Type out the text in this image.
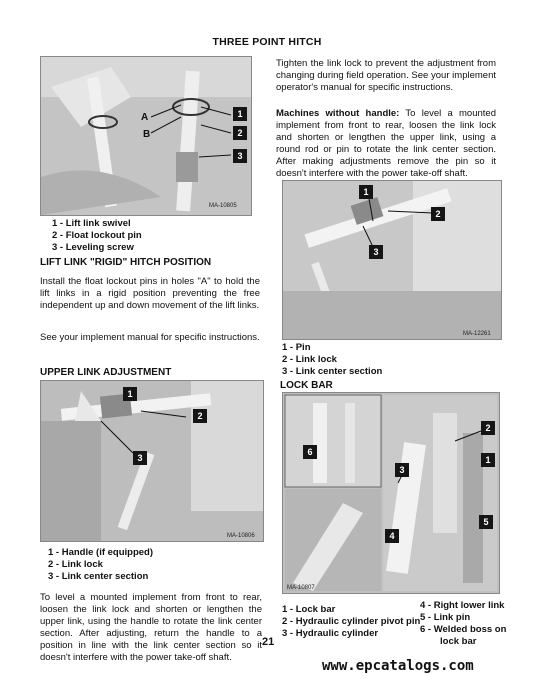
THREE POINT HITCH
A
B
1
2
3
MA-10805
1 - Lift link swivel
2 - Float lockout pin
3 - Leveling screw
LIFT LINK "RIGID" HITCH POSITION
Install the float lockout pins in holes "A" to hold the lift links in a rigid position preventing the free independent up and down movement of the lift links.
See your implement manual for specific instructions.
UPPER LINK ADJUSTMENT
1
2
3
MA-10806
1 - Handle (if equipped)
2 - Link lock
3 - Link center section
To level a mounted implement from front to rear, loosen the link lock and shorten or lengthen the upper link, using the handle to rotate the link center section. After adjusting, return the handle to a position in line with the link center section so it doesn't interfere with the power take-off shaft.
Tighten the link lock to prevent the adjustment from changing during field operation. See your implement operator's manual for specific instructions.
Machines without handle: To level a mounted implement from front to rear, loosen the link lock and shorten or lengthen the upper link, using a round rod or pin to rotate the link center section. After making adjustments remove the pin so it doesn't interfere with the power take-off shaft.
1
2
3
MA-12261
1 - Pin
2 - Link lock
3 - Link center section
LOCK BAR
2
1
3
4
5
6
MA-10807
1 - Lock bar
2 - Hydraulic cylinder pivot pin
3 - Hydraulic cylinder
4 - Right lower link
5 - Link pin
6 - Welded boss on
lock bar
21
www.epcatalogs.com
